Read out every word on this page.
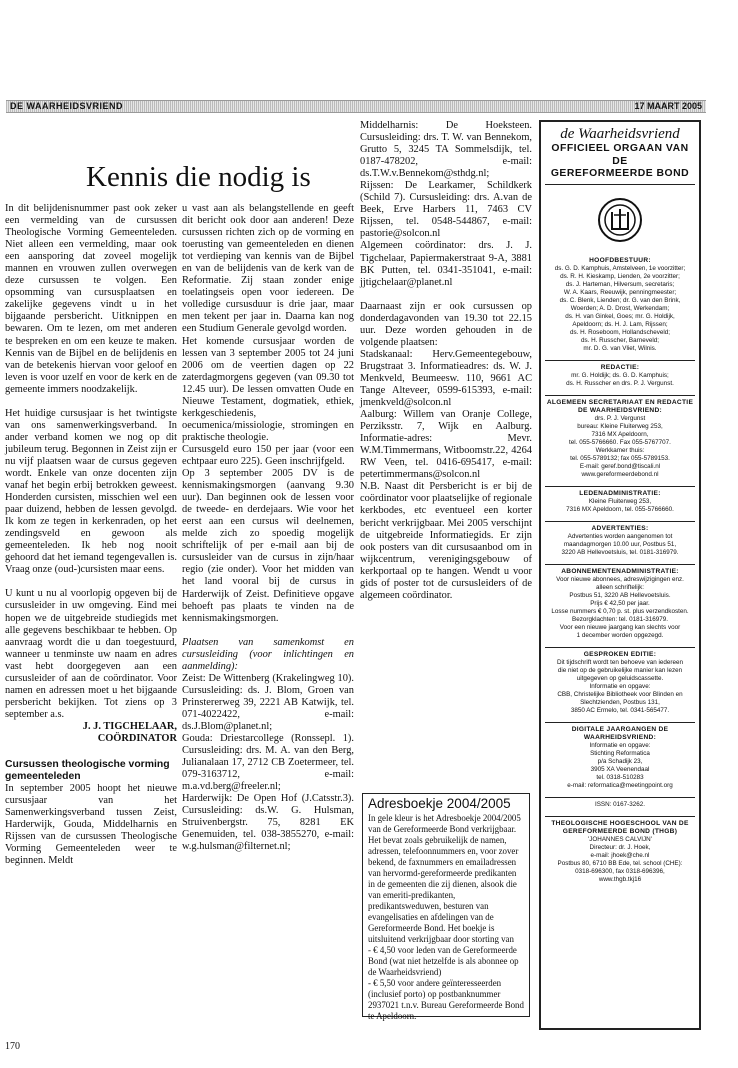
DE WAARHEIDSVRIEND	17 MAART 2005
Kennis die nodig is

In dit belijdenisnummer past ook zeker een vermelding van de cursussen Theologische Vorming Gemeenteleden. Niet alleen een vermelding, maar ook een aansporing dat zoveel mogelijk mannen en vrouwen zullen overwegen deze cursussen te volgen. Een opsomming van cursusplaatsen en zakelijke gegevens vindt u in het bijgaande persbericht. Uitknippen en bewaren. Om te lezen, om met anderen te bespreken en om een keuze te maken. Kennis van de Bijbel en de belijdenis en van de betekenis hiervan voor geloof en leven is voor uzelf en voor de kerk en de gemeente immers noodzakelijk.

Het huidige cursusjaar is het twintigste van ons samenwerkingsverband. In ander verband komen we nog op dit jubileum terug. Begonnen in Zeist zijn er nu vijf plaatsen waar de cursus gegeven wordt. Enkele van onze docenten zijn vanaf het begin erbij betrokken geweest. Honderden cursisten, misschien wel een paar duizend, hebben de lessen gevolgd. Ik kom ze tegen in kerkenraden, op het zendingsveld en gewoon als gemeenteleden. Ik heb nog nooit gehoord dat het iemand tegengevallen is. Vraag onze (oud-)cursisten maar eens.

U kunt u nu al voorlopig opgeven bij de cursusleider in uw omgeving. Eind mei hopen we de uitgebreide studiegids met alle gegevens beschikbaar te hebben. Op aanvraag wordt die u dan toegestuurd, wanneer u tenminste uw naam en adres vast hebt doorgegeven aan een cursusleider of aan de coördinator. Voor namen en adressen moet u het bijgaande persbericht bekijken. Tot ziens op 3 september a.s.

J. J. TIGCHELAAR, COÖRDINATOR
Cursussen theologische vorming gemeenteleden

In september 2005 hoopt het nieuwe cursusjaar van het Samenwerkingsverband tussen Zeist, Harderwijk, Gouda, Middelharnis en Rijssen van de cursussen Theologische Vorming Gemeenteleden weer te beginnen. Meldt

u vast aan als belangstellende en geeft dit bericht ook door aan anderen! Deze cursussen richten zich op de vorming en toerusting van gemeenteleden en dienen tot verdieping van kennis van de Bijbel en van de belijdenis van de kerk van de Reformatie. Zij staan zonder enige toelatingseis open voor iedereen. De volledige cursusduur is drie jaar, maar men tekent per jaar in. Daarna kan nog een Studium Generale gevolgd worden.

Het komende cursusjaar worden de lessen van 3 september 2005 tot 24 juni 2006 om de veertien dagen op 22 zaterdagmorgens gegeven (van 09.30 tot 12.45 uur). De lessen omvatten Oude en Nieuwe Testament, dogmatiek, ethiek, kerkgeschiedenis, oecumenica/missiologie, stromingen en praktische theologie.

Cursusgeld euro 150 per jaar (voor een echtpaar euro 225). Geen inschrijfgeld.

Op 3 september 2005 DV is de kennismakingsmorgen (aanvang 9.30 uur). Dan beginnen ook de lessen voor de tweede- en derdejaars. Wie voor het eerst aan een cursus wil deelnemen, melde zich zo spoedig mogelijk schriftelijk of per e-mail aan bij de cursusleider van de cursus in zijn/haar regio (zie onder). Voor het midden van het land vooral bij de cursus in Harderwijk of Zeist. Definitieve opgave behoeft pas plaats te vinden na de kennismakingsmorgen.

Plaatsen van samenkomst en cursusleiding (voor inlichtingen en aanmelding):

Zeist: De Wittenberg (Krakelingweg 10). Cursusleiding: ds. J. Blom, Groen van Prinstererweg 39, 2221 AB Katwijk, tel. 071-4022422, e-mail: ds.J.Blom@planet.nl;

Gouda: Driestarcollege (Ronssepl. 1). Cursusleiding: drs. M. A. van den Berg, Julianalaan 17, 2712 CB Zoetermeer, tel. 079-3163712, e-mail: m.a.vd.berg@freeler.nl;

Harderwijk: De Open Hof (J.Catsstr.3). Cursusleiding: ds.W. G. Hulsman, Struivenbergstr. 75, 8281 EK Genemuiden, tel. 038-3855270, e-mail: w.g.hulsman@filternet.nl;

Middelharnis: De Hoeksteen. Cursusleiding: drs. T. W. van Bennekom, Grutto 5, 3245 TA Sommelsdijk, tel. 0187-478202, e-mail: ds.T.W.v.Bennekom@sthdg.nl;

Rijssen: De Learkamer, Schildkerk (Schild 7). Cursusleiding: drs. A.van de Beek, Erve Harbers 11, 7463 CV Rijssen, tel. 0548-544867, e-mail: pastorie@solcon.nl

Algemeen coördinator: drs. J. J. Tigchelaar, Papiermakerstraat 9-A, 3881 BK Putten, tel. 0341-351041, e-mail: jjtigchelaar@planet.nl

Daarnaast zijn er ook cursussen op donderdagavonden van 19.30 tot 22.15 uur. Deze worden gehouden in de volgende plaatsen:

Stadskanaal: Herv.Gemeentegebouw, Brugstraat 3. Informatieadres: ds. W. J. Menkveld, Beumeesw. 110, 9661 AC Tange Alteveer, 0599-615393, e-mail: jmenkveld@solcon.nl

Aalburg: Willem van Oranje College, Perziksstr. 7, Wijk en Aalburg. Informatie-adres: Mevr. W.M.Timmermans, Witboomstr.22, 4264 RW Veen, tel. 0416-695417, e-mail: petertimmermans@solcon.nl

N.B. Naast dit Persbericht is er bij de coördinator voor plaatselijke of regionale kerkbodes, etc eventueel een korter bericht verkrijgbaar. Mei 2005 verschijnt de uitgebreide Informatiegids. Er zijn ook posters van dit cursusaanbod om in wijkcentrum, verenigingsgebouw of kerkportaal op te hangen. Wendt u voor gids of poster tot de cursusleiders of de algemeen coördinator.

Adresboekje 2004/2005

In gele kleur is het Adresboekje 2004/2005 van de Gereformeerde Bond verkrijgbaar. Het bevat zoals gebruikelijk de namen, adressen, telefoonnummers en, voor zover bekend, de faxnummers en emailadressen van hervormd-gereformeerde predikanten in de gemeenten die zij dienen, alsook die van emeriti-predikanten, predikantsweduwen, besturen van evangelisaties en afdelingen van de Gereformeerde Bond. Het boekje is uitsluitend verkrijgbaar door storting van

- € 4,50 voor leden van de Gereformeerde Bond (wat niet hetzelfde is als abonnee op de Waarheidsvriend)

- € 5,50 voor andere geïnteresseerden (inclusief porto) op postbanknummer 2937021 t.n.v. Bureau Gereformeerde Bond te Apeldoorn.

170
de Waarheidsvriend
OFFICIEEL ORGAAN VAN DE
GEREFORMEERDE BOND
HOOFDBESTUUR:
ds. G. D. Kamphuis, Amstelveen, 1e voorzitter;
ds. R. H. Kieskamp, Lienden, 2e voorzitter;
ds. J. Harteman, Hilversum, secretaris;
W. A. Kaars, Reeuwijk, penningmeester;
ds. C. Blenk, Lienden; dr. G. van den Brink,
Woerden; A. D. Drost, Werkendam;
ds. H. van Ginkel, Goes; mr. G. Holdijk,
Apeldoorn; ds. H. J. Lam, Rijssen;
ds. H. Roseboom, Hollandscheveld;
ds. H. Russcher, Barneveld;
mr. D. G. van Vliet, Wilnis.
REDACTIE:
mr. G. Holdijk; ds. G. D. Kamphuis;
ds. H. Russcher en drs. P. J. Vergunst.
ALGEMEEN SECRETARIAAT EN REDACTIE DE WAARHEIDSVRIEND:
drs. P. J. Vergunst
bureau: Kleine Fluiterweg 253,
7316 MX Apeldoorn,
tel. 055-5766660. Fax 055-5767707.
Werkkamer thuis:
tel. 055-5789132; fax 055-5789153.
E-mail: geref.bond@tiscali.nl
www.gereformeerdebond.nl
LEDENADMINISTRATIE:
Kleine Fluiterweg 253,
7316 MX Apeldoorn, tel. 055-5766660.
ADVERTENTIES:
Advertenties worden aangenomen tot
maandagmorgen 10.00 uur, Postbus 51,
3220 AB Hellevoetsluis, tel. 0181-316979.
ABONNEMENTENADMINISTRATIE:
Voor nieuwe abonnees, adreswijzigingen enz.
alleen schriftelijk:
Postbus 51, 3220 AB Hellevoetsluis.
Prijs € 42,50 per jaar.
Losse nummers € 0,70 p. st. plus verzendkosten. Bezorgklachten: tel. 0181-316979.
Voor een nieuwe jaargang kan slechts voor
1 december worden opgezegd.
GESPROKEN EDITIE:
Dit tijdschrift wordt ten behoeve van iedereen
die niet op de gebruikelijke manier kan lezen
uitgegeven op geluidscassette.
Informatie en opgave:
CBB, Christelijke Bibliotheek voor Blinden en
Slechtzienden, Postbus 131,
3850 AC Ermelo, tel. 0341-565477.
DIGITALE JAARGANGEN DE WAARHEIDSVRIEND:
Informatie en opgave:
Stichting Reformatica
p/a Schadijk 23,
3905 XA Veenendaal
tel. 0318-510283
e-mail: reformatica@meetingpoint.org
ISSN: 0167-3262.
THEOLOGISCHE HOGESCHOOL VAN DE GEREFORMEERDE BOND (THGB)
'JOHANNES CALVIJN'
Directeur: dr. J. Hoek,
e-mail: jhoek@che.nl
Postbus 80, 6710 BB Ede, tel. school (CHE):
0318-696300, fax 0318-696396,
www.thgb.tkj16
